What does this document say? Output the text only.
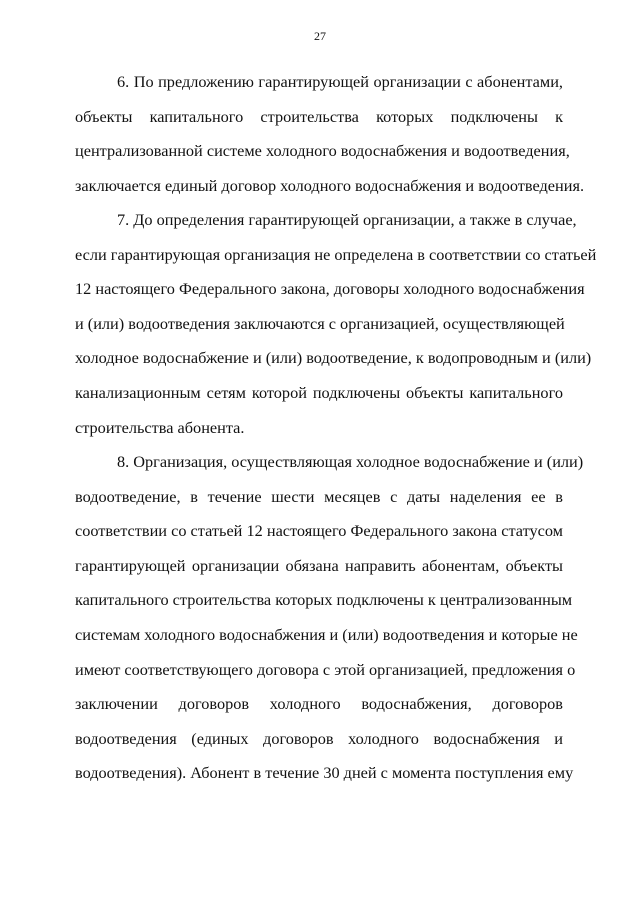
27
6. По предложению гарантирующей организации с абонентами,
объекты капитального строительства которых подключены к
централизованной системе холодного водоснабжения и водоотведения,
заключается единый договор холодного водоснабжения и водоотведения.
7. До определения гарантирующей организации, а также в случае,
если гарантирующая организация не определена в соответствии со статьей
12 настоящего Федерального закона, договоры холодного водоснабжения
и (или) водоотведения заключаются с организацией, осуществляющей
холодное водоснабжение и (или) водоотведение, к водопроводным и (или)
канализационным сетям которой подключены объекты капитального
строительства абонента.
8. Организация, осуществляющая холодное водоснабжение и (или)
водоотведение, в течение шести месяцев с даты наделения ее в
соответствии со статьей 12 настоящего Федерального закона статусом
гарантирующей организации обязана направить абонентам, объекты
капитального строительства которых подключены к централизованным
системам холодного водоснабжения и (или) водоотведения и которые не
имеют соответствующего договора с этой организацией, предложения о
заключении договоров холодного водоснабжения, договоров
водоотведения (единых договоров холодного водоснабжения и
водоотведения). Абонент в течение 30 дней с момента поступления ему
